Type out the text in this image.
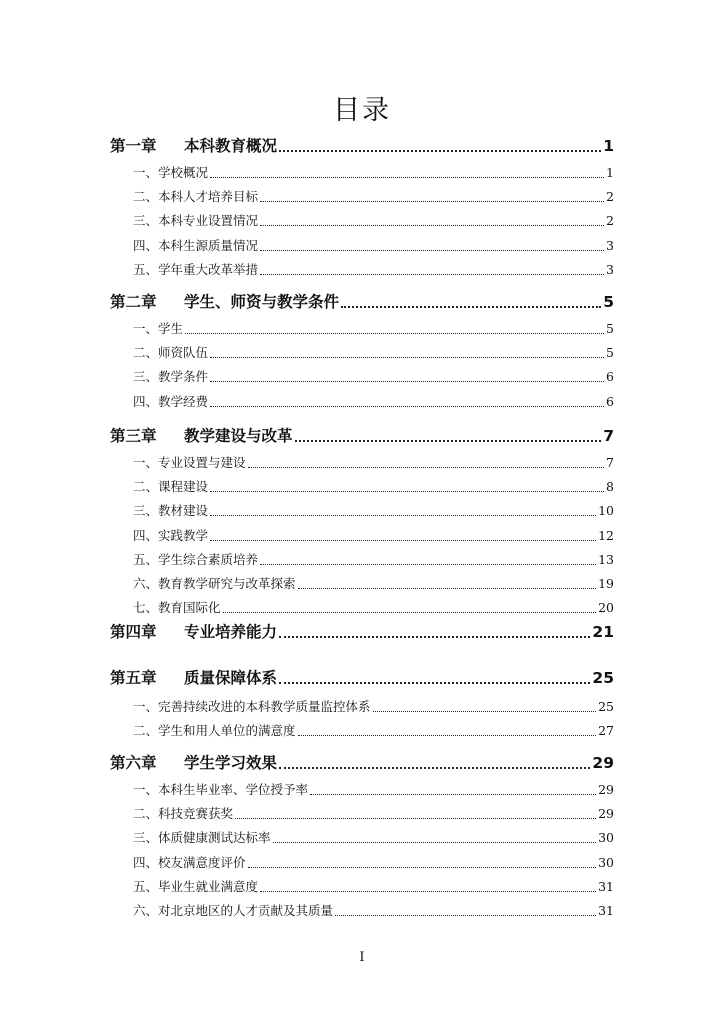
目录
第一章	本科教育概况	1
一、学校概况	1
二、本科人才培养目标	2
三、本科专业设置情况	2
四、本科生源质量情况	3
五、学年重大改革举措	3
第二章	学生、师资与教学条件	5
一、学生	5
二、师资队伍	5
三、教学条件	6
四、教学经费	6
第三章	教学建设与改革	7
一、专业设置与建设	7
二、课程建设	8
三、教材建设	10
四、实践教学	12
五、学生综合素质培养	13
六、教育教学研究与改革探索	19
七、教育国际化	20
第四章	专业培养能力	21
第五章	质量保障体系	25
一、完善持续改进的本科教学质量监控体系	25
二、学生和用人单位的满意度	27
第六章	学生学习效果	29
一、本科生毕业率、学位授予率	29
二、科技竞赛获奖	29
三、体质健康测试达标率	30
四、校友满意度评价	30
五、毕业生就业满意度	31
六、对北京地区的人才贡献及其质量	31
I
